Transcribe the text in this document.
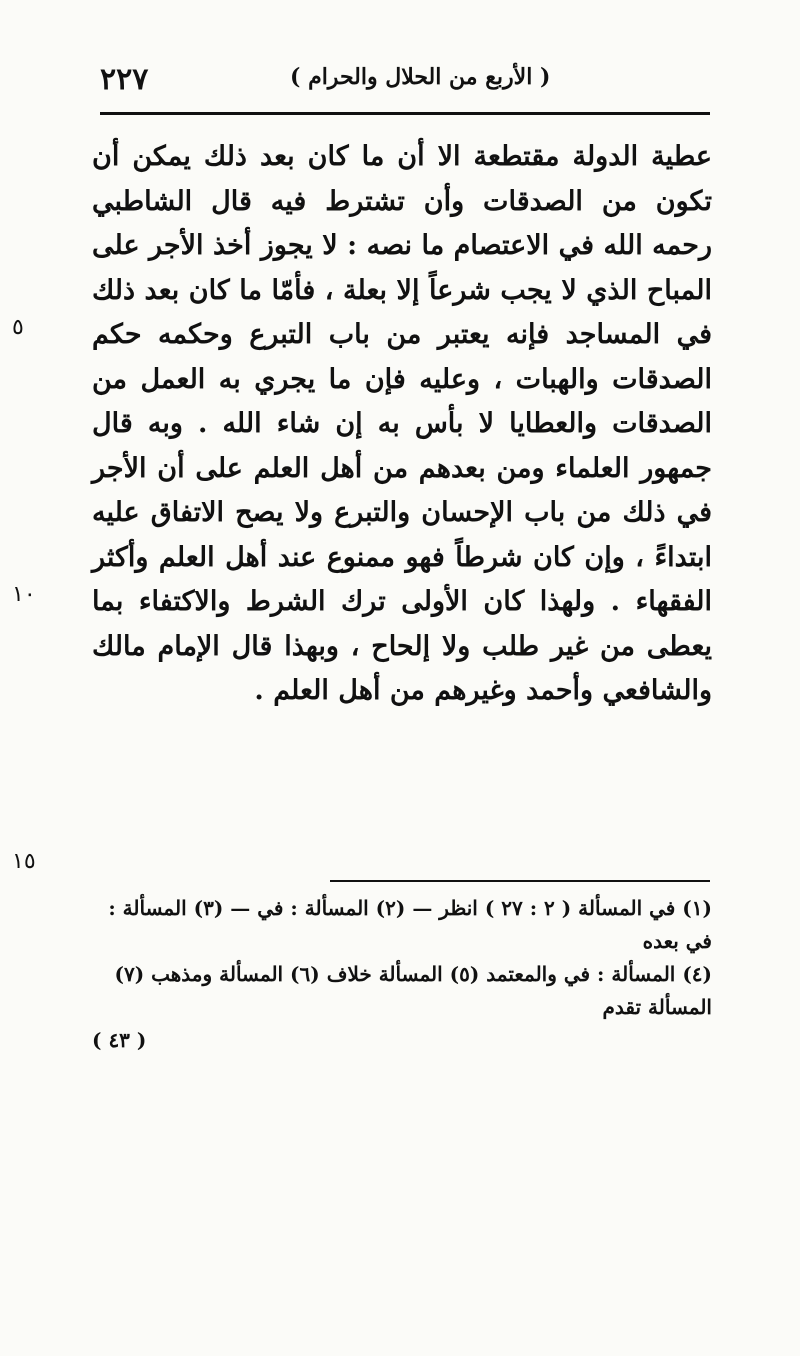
٢٢٧	( الأربع من الحلال والحرام )
٥
١٠
١٥

عطية الدولة مقتطعة الا أن ما كان بعد ذلك يمكن أن تكون من الصدقات وأن تشترط فيه قال الشاطبي رحمه الله في الاعتصام ما نصه : لا يجوز أخذ الأجر على المباح الذي لا يجب شرعاً إلا بعلة ، فأمّا ما كان بعد ذلك في المساجد فإنه يعتبر من باب التبرع وحكمه حكم الصدقات والهبات ، وعليه فإن ما يجري به العمل من الصدقات والعطايا لا بأس به إن شاء الله . وبه قال جمهور العلماء ومن بعدهم من أهل العلم على أن الأجر في ذلك من باب الإحسان والتبرع ولا يصح الاتفاق عليه ابتداءً ، وإن كان شرطاً فهو ممنوع عند أهل العلم وأكثر الفقهاء . ولهذا كان الأولى ترك الشرط والاكتفاء بما يعطى من غير طلب ولا إلحاح ، وبهذا قال الإمام مالك والشافعي وأحمد وغيرهم من أهل العلم .

(١) في المسألة ( ٢ : ٢٧ ) انظر — (٢) المسألة : في — (٣) المسألة : في بعده

(٤) المسألة : في والمعتمد (٥) المسألة خلاف (٦) المسألة ومذهب (٧) المسألة تقدم

( ٤٣ )
